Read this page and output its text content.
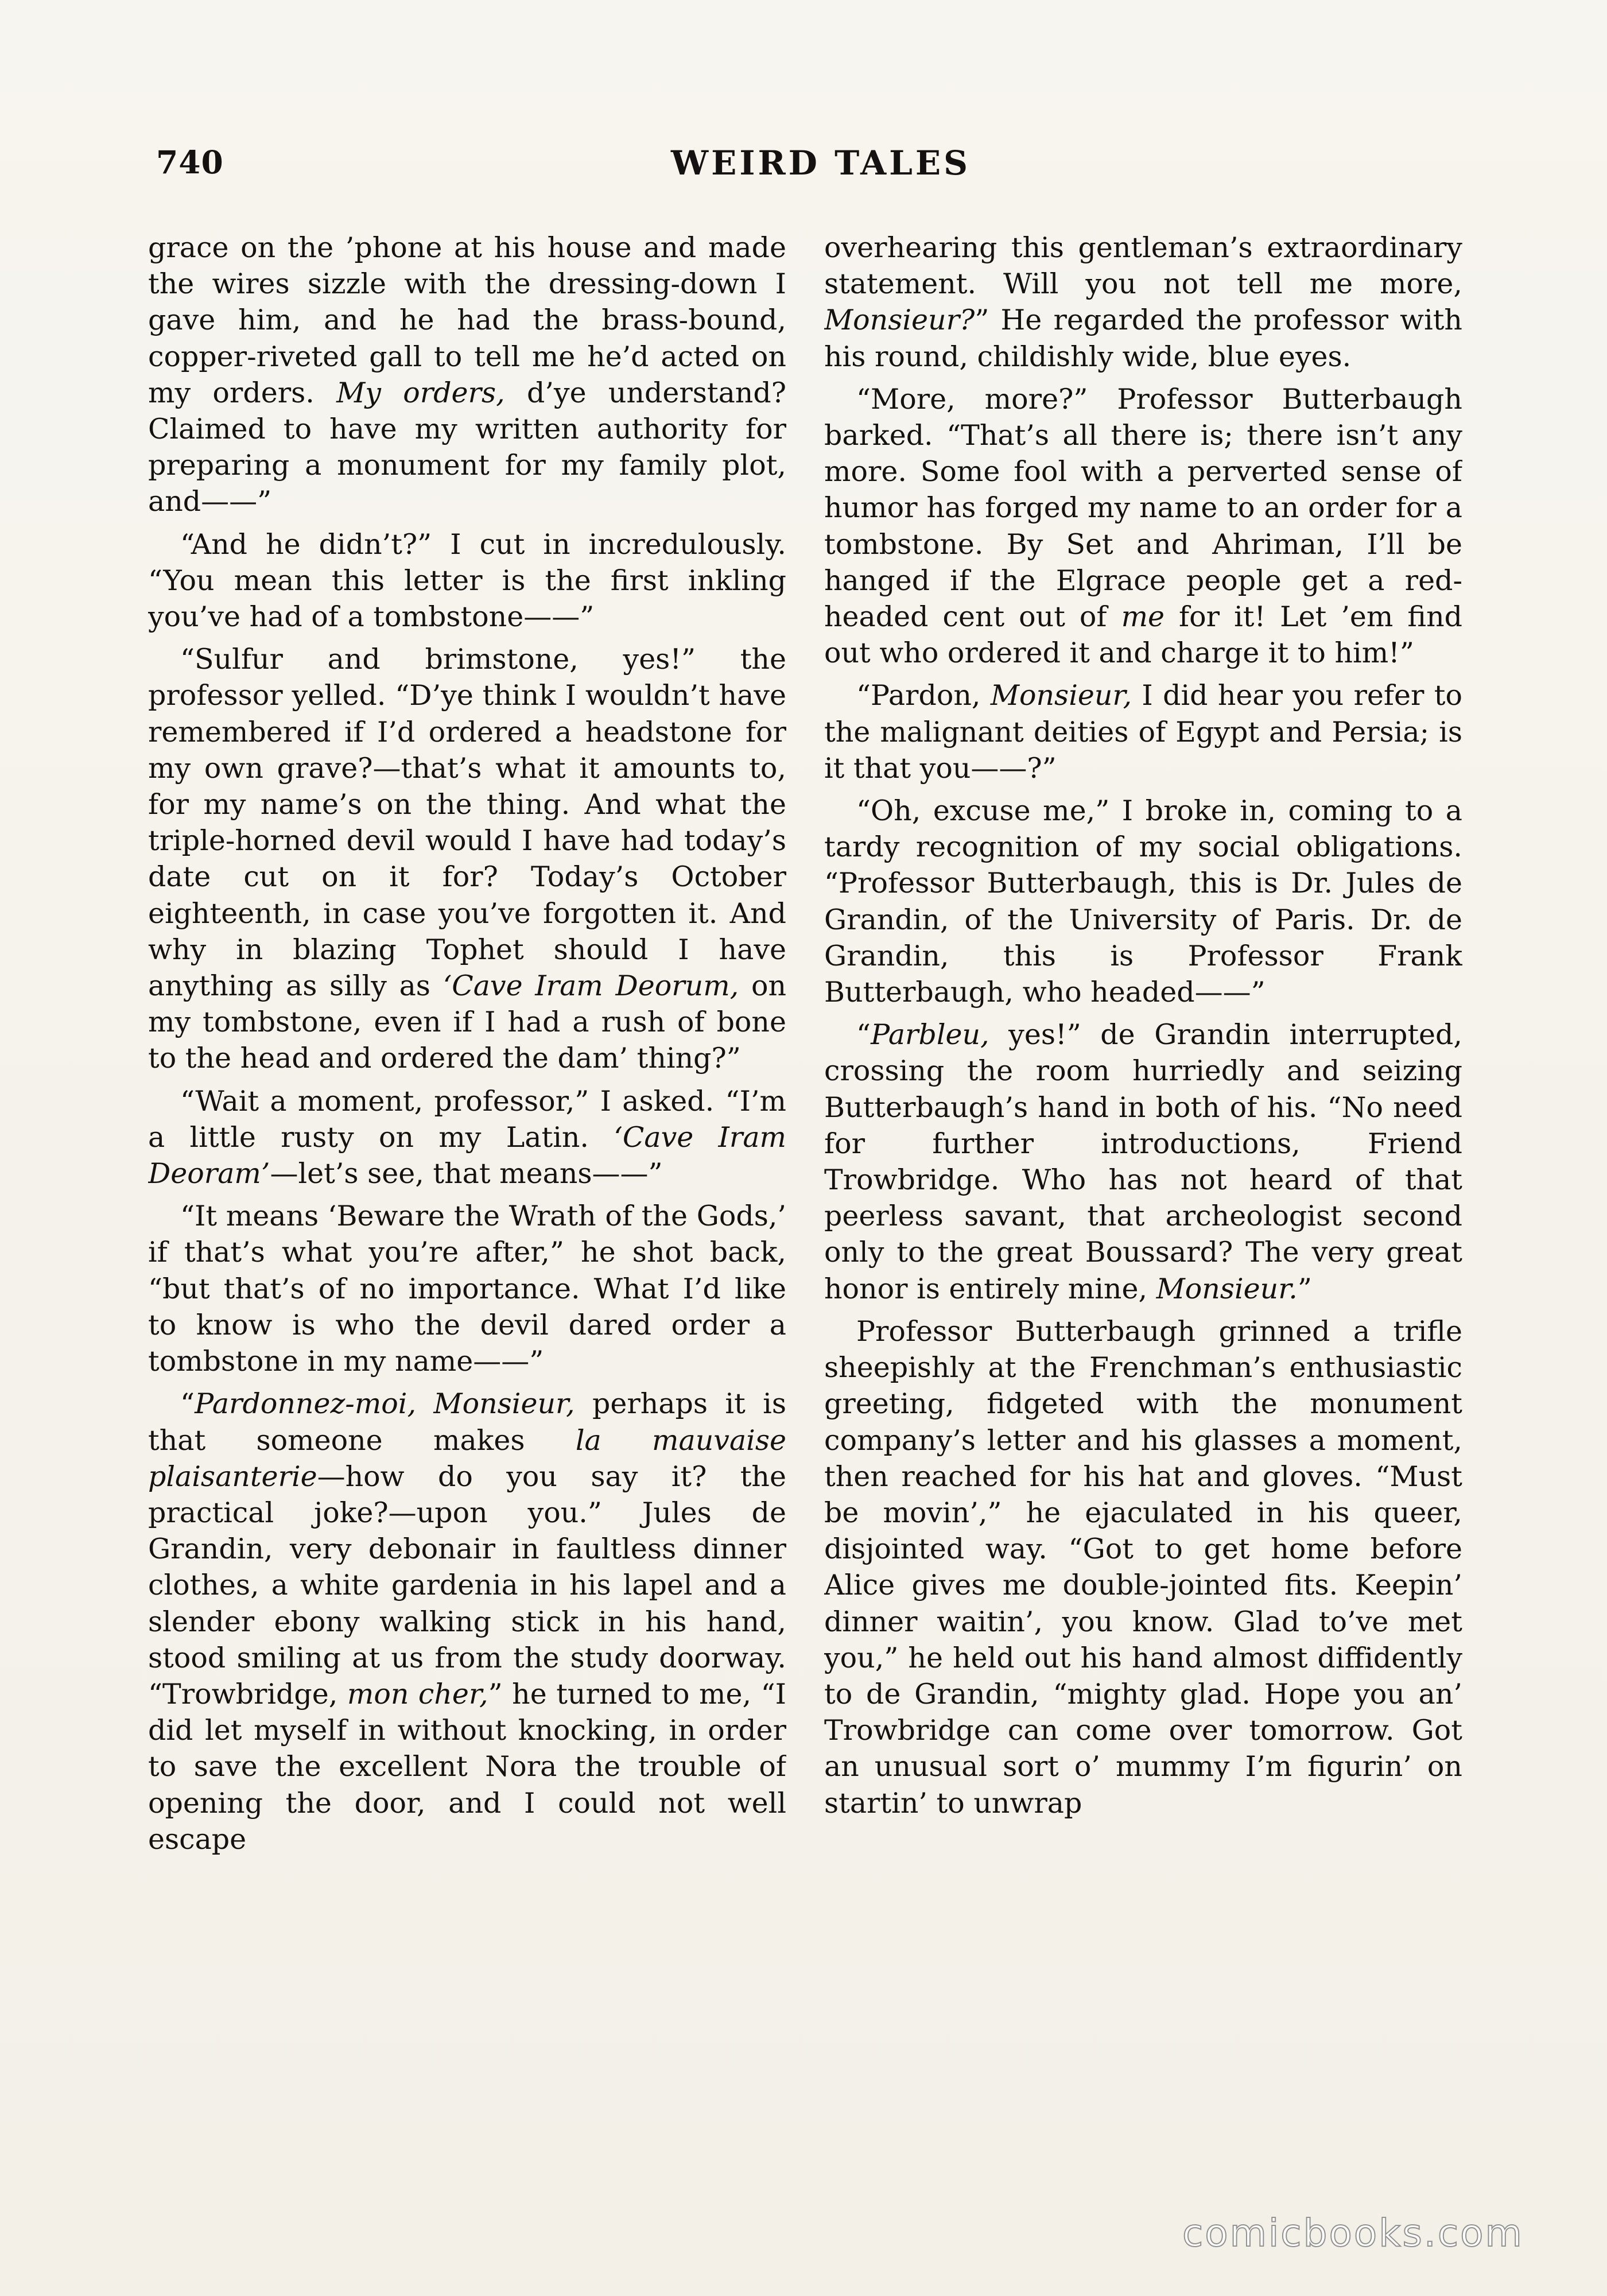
740	WEIRD TALES

grace on the ’phone at his house and made the wires sizzle with the dressing-down I gave him, and he had the brass-bound, copper-riveted gall to tell me he’d acted on my orders. My orders, d’ye understand? Claimed to have my written authority for preparing a monument for my family plot, and——”

“And he didn’t?” I cut in incredulously. “You mean this letter is the first inkling you’ve had of a tombstone——”

“Sulfur and brimstone, yes!” the professor yelled. “D’ye think I wouldn’t have remembered if I’d ordered a headstone for my own grave?—that’s what it amounts to, for my name’s on the thing. And what the triple-horned devil would I have had today’s date cut on it for? Today’s October eighteenth, in case you’ve forgotten it. And why in blazing Tophet should I have anything as silly as ‘Cave Iram Deorum, on my tombstone, even if I had a rush of bone to the head and ordered the dam’ thing?”

“Wait a moment, professor,” I asked. “I’m a little rusty on my Latin. ‘Cave Iram Deoram’—let’s see, that means——”

“It means ‘Beware the Wrath of the Gods,’ if that’s what you’re after,” he shot back, “but that’s of no importance. What I’d like to know is who the devil dared order a tombstone in my name——”

“Pardonnez-moi, Monsieur, perhaps it is that someone makes la mauvaise plaisanterie—how do you say it? the practical joke?—upon you.” Jules de Grandin, very debonair in faultless dinner clothes, a white gardenia in his lapel and a slender ebony walking stick in his hand, stood smiling at us from the study doorway. “Trowbridge, mon cher,” he turned to me, “I did let myself in without knocking, in order to save the excellent Nora the trouble of opening the door, and I could not well escape

overhearing this gentleman’s extraordinary statement. Will you not tell me more, Monsieur?” He regarded the professor with his round, childishly wide, blue eyes.

“More, more?” Professor Butterbaugh barked. “That’s all there is; there isn’t any more. Some fool with a perverted sense of humor has forged my name to an order for a tombstone. By Set and Ahriman, I’ll be hanged if the Elgrace people get a red-headed cent out of me for it! Let ’em find out who ordered it and charge it to him!”

“Pardon, Monsieur, I did hear you refer to the malignant deities of Egypt and Persia; is it that you——?”

“Oh, excuse me,” I broke in, coming to a tardy recognition of my social obligations. “Professor Butterbaugh, this is Dr. Jules de Grandin, of the University of Paris. Dr. de Grandin, this is Professor Frank Butterbaugh, who headed——”

“Parbleu, yes!” de Grandin interrupted, crossing the room hurriedly and seizing Butterbaugh’s hand in both of his. “No need for further introductions, Friend Trowbridge. Who has not heard of that peerless savant, that archeologist second only to the great Boussard? The very great honor is entirely mine, Monsieur.”

Professor Butterbaugh grinned a trifle sheepishly at the Frenchman’s enthusiastic greeting, fidgeted with the monument company’s letter and his glasses a moment, then reached for his hat and gloves. “Must be movin’,” he ejaculated in his queer, disjointed way. “Got to get home before Alice gives me double-jointed fits. Keepin’ dinner waitin’, you know. Glad to’ve met you,” he held out his hand almost diffidently to de Grandin, “mighty glad. Hope you an’ Trowbridge can come over tomorrow. Got an unusual sort o’ mummy I’m figurin’ on startin’ to unwrap

comicbooks.com
